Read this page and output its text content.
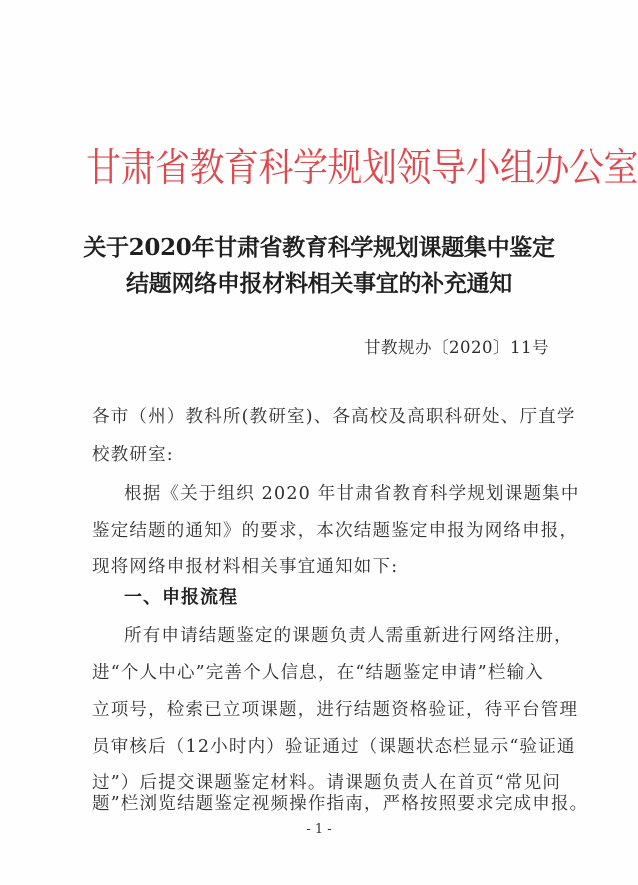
甘肃省教育科学规划领导小组办公室
关于2020年甘肃省教育科学规划课题集中鉴定
结题网络申报材料相关事宜的补充通知
甘教规办〔2020〕11号
各市（州）教科所(教研室)、各高校及高职科研处、厅直学
校教研室:
根据《关于组织 2020 年甘肃省教育科学规划课题集中
鉴定结题的通知》的要求，本次结题鉴定申报为网络申报，
现将网络申报材料相关事宜通知如下:
一、申报流程
所有申请结题鉴定的课题负责人需重新进行网络注册，
进“个人中心”完善个人信息，在“结题鉴定申请”栏输入
立项号，检索已立项课题，进行结题资格验证，待平台管理
员审核后（12小时内）验证通过（课题状态栏显示“验证通
过”）后提交课题鉴定材料。请课题负责人在首页“常见问
题”栏浏览结题鉴定视频操作指南，严格按照要求完成申报。
- 1 -
